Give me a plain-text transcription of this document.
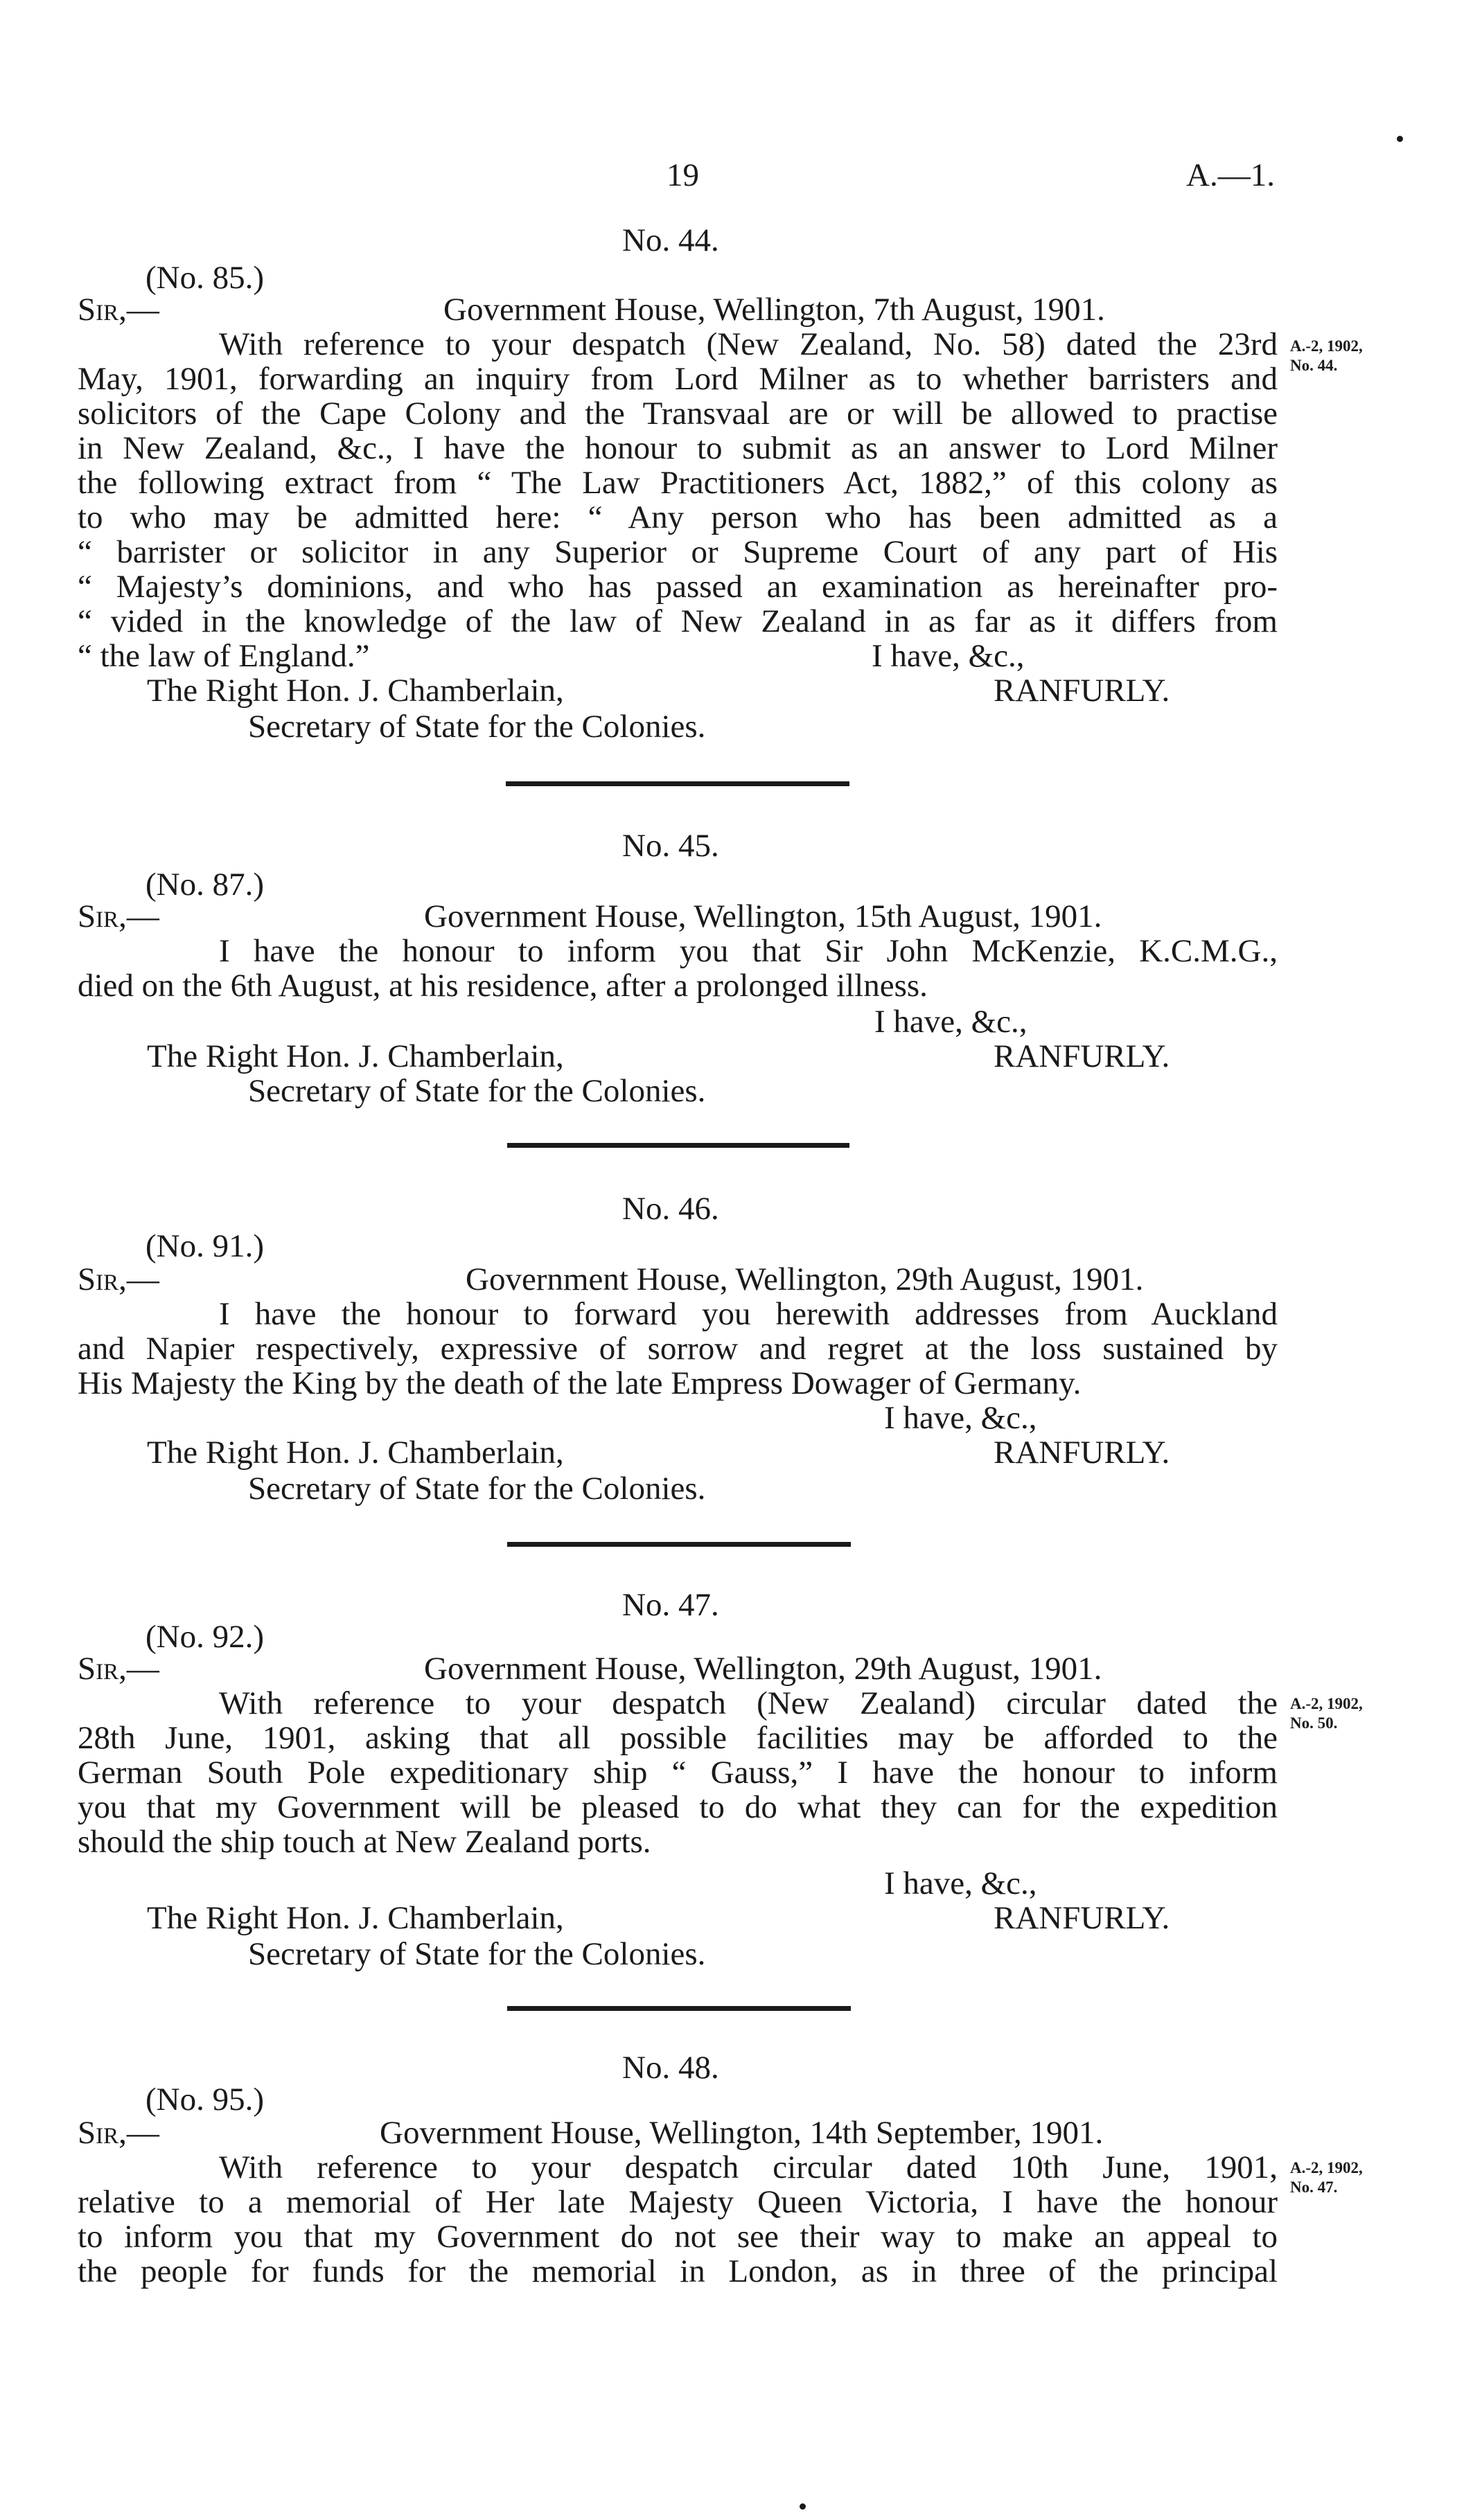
19	A.—1.
No. 44.
(No. 85.)
Sir,—	Government House, Wellington, 7th August, 1901.
With reference to your despatch (New Zealand, No. 58) dated the 23rd
May, 1901, forwarding an inquiry from Lord Milner as to whether barristers and
solicitors of the Cape Colony and the Transvaal are or will be allowed to practise
in New Zealand, &c., I have the honour to submit as an answer to Lord Milner
the following extract from “ The Law Practitioners Act, 1882,” of this colony as
to who may be admitted here: “ Any person who has been admitted as a
“ barrister or solicitor in any Superior or Supreme Court of any part of His
“ Majesty’s dominions, and who has passed an examination as hereinafter pro-
“ vided in the knowledge of the law of New Zealand in as far as it differs from
“ the law of England.”	I have, &c.,
The Right Hon. J. Chamberlain,	RANFURLY.
Secretary of State for the Colonies.
A.-2, 1902,
No. 44.
No. 45.
(No. 87.)
Sir,—	Government House, Wellington, 15th August, 1901.
I have the honour to inform you that Sir John McKenzie, K.C.M.G.,
died on the 6th August, at his residence, after a prolonged illness.
I have, &c.,
The Right Hon. J. Chamberlain,	RANFURLY.
Secretary of State for the Colonies.
No. 46.
(No. 91.)
Sir,—	Government House, Wellington, 29th August, 1901.
I have the honour to forward you herewith addresses from Auckland
and Napier respectively, expressive of sorrow and regret at the loss sustained by
His Majesty the King by the death of the late Empress Dowager of Germany.
I have, &c.,
The Right Hon. J. Chamberlain,	RANFURLY.
Secretary of State for the Colonies.
No. 47.
(No. 92.)
Sir,—	Government House, Wellington, 29th August, 1901.
With reference to your despatch (New Zealand) circular dated the
28th June, 1901, asking that all possible facilities may be afforded to the
German South Pole expeditionary ship “ Gauss,” I have the honour to inform
you that my Government will be pleased to do what they can for the expedition
should the ship touch at New Zealand ports.
I have, &c.,
The Right Hon. J. Chamberlain,	RANFURLY.
Secretary of State for the Colonies.
A.-2, 1902,
No. 50.
No. 48.
(No. 95.)
Sir,—	Government House, Wellington, 14th September, 1901.
With reference to your despatch circular dated 10th June, 1901,
relative to a memorial of Her late Majesty Queen Victoria, I have the honour
to inform you that my Government do not see their way to make an appeal to
the people for funds for the memorial in London, as in three of the principal
A.-2, 1902,
No. 47.
